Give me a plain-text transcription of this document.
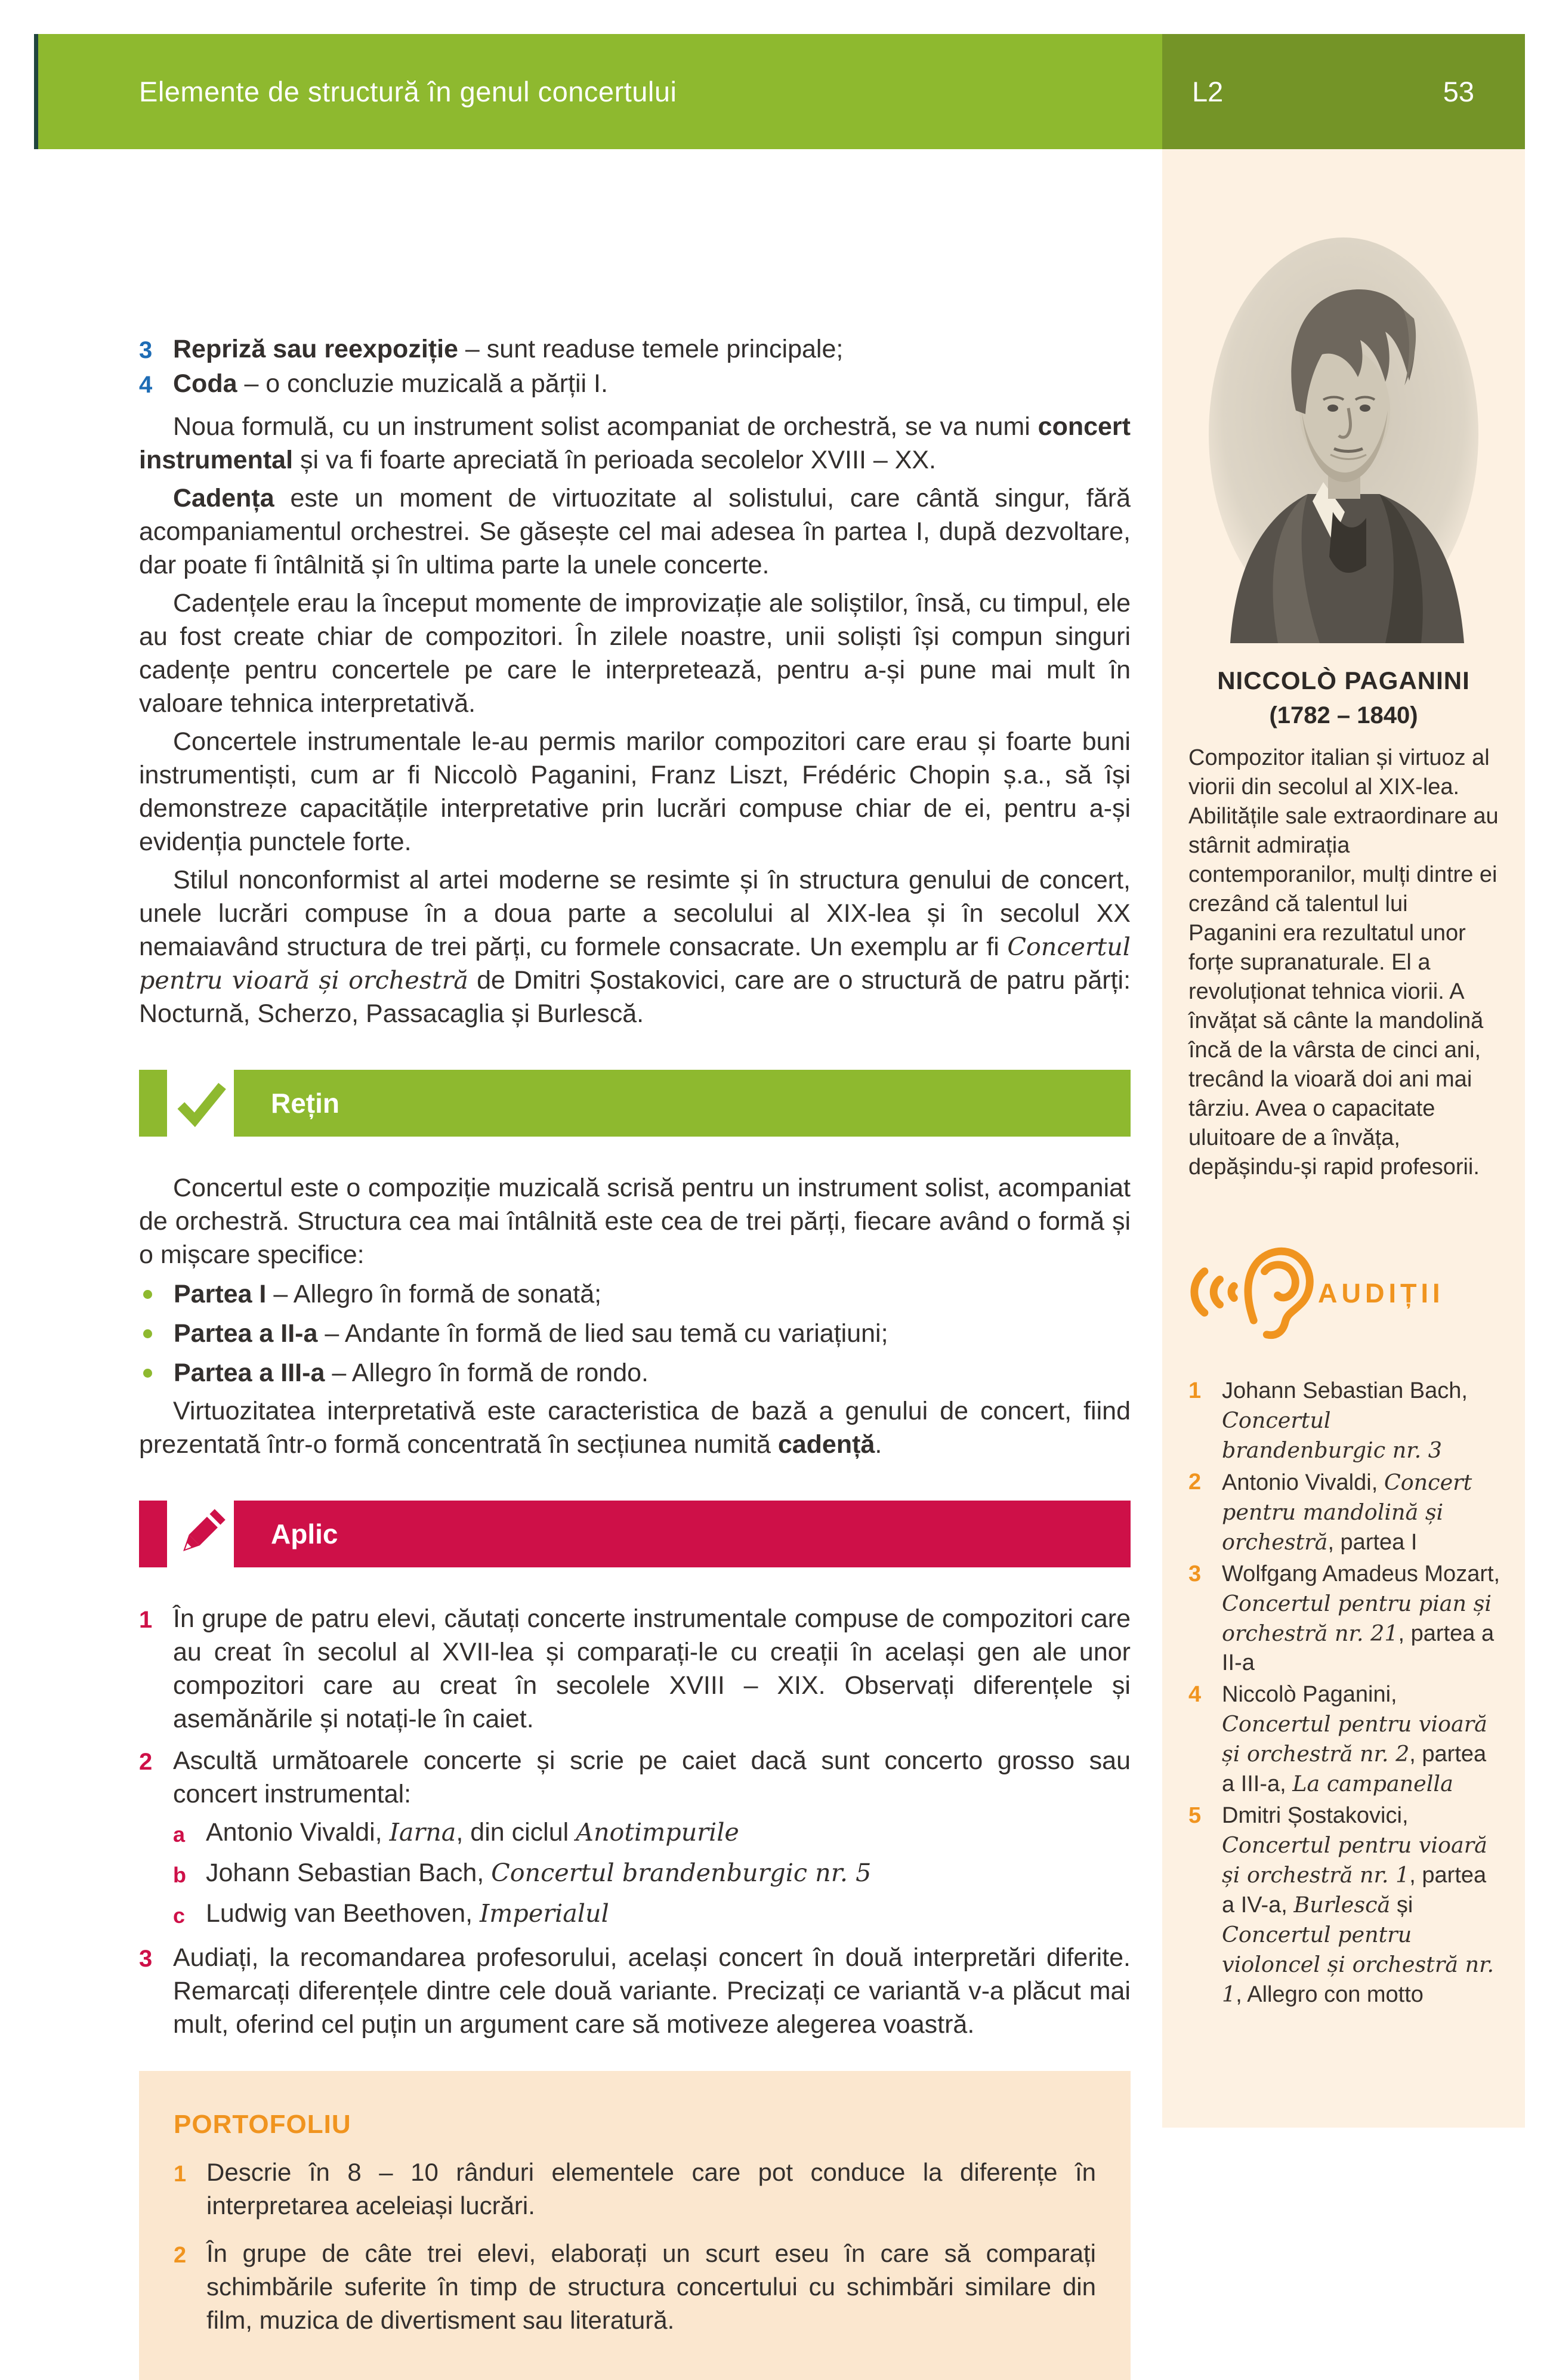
Elemente de structură în genul concertului	L2	53
3 Repriză sau reexpoziție – sunt readuse temele principale;
4 Coda – o concluzie muzicală a părții I.

Noua formulă, cu un instrument solist acompaniat de orchestră, se va numi concert instrumental și va fi foarte apreciată în perioada secolelor XVIII – XX.

Cadența este un moment de virtuozitate al solistului, care cântă singur, fără acompaniamentul orchestrei. Se găsește cel mai adesea în partea I, după dezvoltare, dar poate fi întâlnită și în ultima parte la unele concerte.

Cadențele erau la început momente de improvizație ale soliștilor, însă, cu timpul, ele au fost create chiar de compozitori. În zilele noastre, unii soliști își compun singuri cadențe pentru concertele pe care le interpretează, pentru a-și pune mai mult în valoare tehnica interpretativă.

Concertele instrumentale le-au permis marilor compozitori care erau și foarte buni instrumentiști, cum ar fi Niccolò Paganini, Franz Liszt, Frédéric Chopin ș.a., să își demonstreze capacitățile interpretative prin lucrări compuse chiar de ei, pentru a-și evidenția punctele forte.

Stilul nonconformist al artei moderne se resimte și în structura genului de concert, unele lucrări compuse în a doua parte a secolului al XIX-lea și în secolul XX nemaiavând structura de trei părți, cu formele consacrate. Un exemplu ar fi Concertul pentru vioară și orchestră de Dmitri Șostakovici, care are o structură de patru părți: Nocturnă, Scherzo, Passacaglia și Burlescă.

Rețin

Concertul este o compoziție muzicală scrisă pentru un instrument solist, acompaniat de orchestră. Structura cea mai întâlnită este cea de trei părți, fiecare având o formă și o mișcare specifice:

Partea I – Allegro în formă de sonată;
Partea a II-a – Andante în formă de lied sau temă cu variațiuni;
Partea a III-a – Allegro în formă de rondo.

Virtuozitatea interpretativă este caracteristica de bază a genului de concert, fiind prezentată într-o formă concentrată în secțiunea numită cadență.

Aplic
1 În grupe de patru elevi, căutați concerte instrumentale compuse de compozitori care au creat în secolul al XVII-lea și comparați-le cu creații în același gen ale unor compozitori care au creat în secolele XVIII – XIX. Observați diferențele și asemănările și notați-le în caiet.
2 Ascultă următoarele concerte și scrie pe caiet dacă sunt concerto grosso sau concert instrumental:
a Antonio Vivaldi, Iarna, din ciclul Anotimpurile
b Johann Sebastian Bach, Concertul brandenburgic nr. 5
c Ludwig van Beethoven, Imperialul
3 Audiați, la recomandarea profesorului, același concert în două interpretări diferite. Remarcați diferențele dintre cele două variante. Precizați ce variantă v-a plăcut mai mult, oferind cel puțin un argument care să motiveze alegerea voastră.
PORTOFOLIU
1 Descrie în 8 – 10 rânduri elementele care pot conduce la diferențe în interpretarea aceleiași lucrări.
2 În grupe de câte trei elevi, elaborați un scurt eseu în care să comparați schimbările suferite în timp de structura concertului cu schimbări similare din film, muzica de divertisment sau literatură.
NICCOLÒ PAGANINI
(1782 – 1840)

Compozitor italian și virtuoz al viorii din secolul al XIX-lea. Abilitățile sale extraordinare au stârnit admirația contemporanilor, mulți dintre ei crezând că talentul lui Paganini era rezultatul unor forțe supranaturale. El a revoluționat tehnica viorii. A învățat să cânte la mandolină încă de la vârsta de cinci ani, trecând la vioară doi ani mai târziu. Avea o capacitate uluitoare de a învăța, depășindu-și rapid profesorii.

AUDIȚII
1 Johann Sebastian Bach, Concertul brandenburgic nr. 3
2 Antonio Vivaldi, Concert pentru mandolină și orchestră, partea I
3 Wolfgang Amadeus Mozart, Concertul pentru pian și orchestră nr. 21, partea a II-a
4 Niccolò Paganini, Concertul pentru vioară și orchestră nr. 2, partea a III-a, La campanella
5 Dmitri Șostakovici, Concertul pentru vioară și orchestră nr. 1, partea a IV-a, Burlescă și Concertul pentru violoncel și orchestră nr. 1, Allegro con motto
